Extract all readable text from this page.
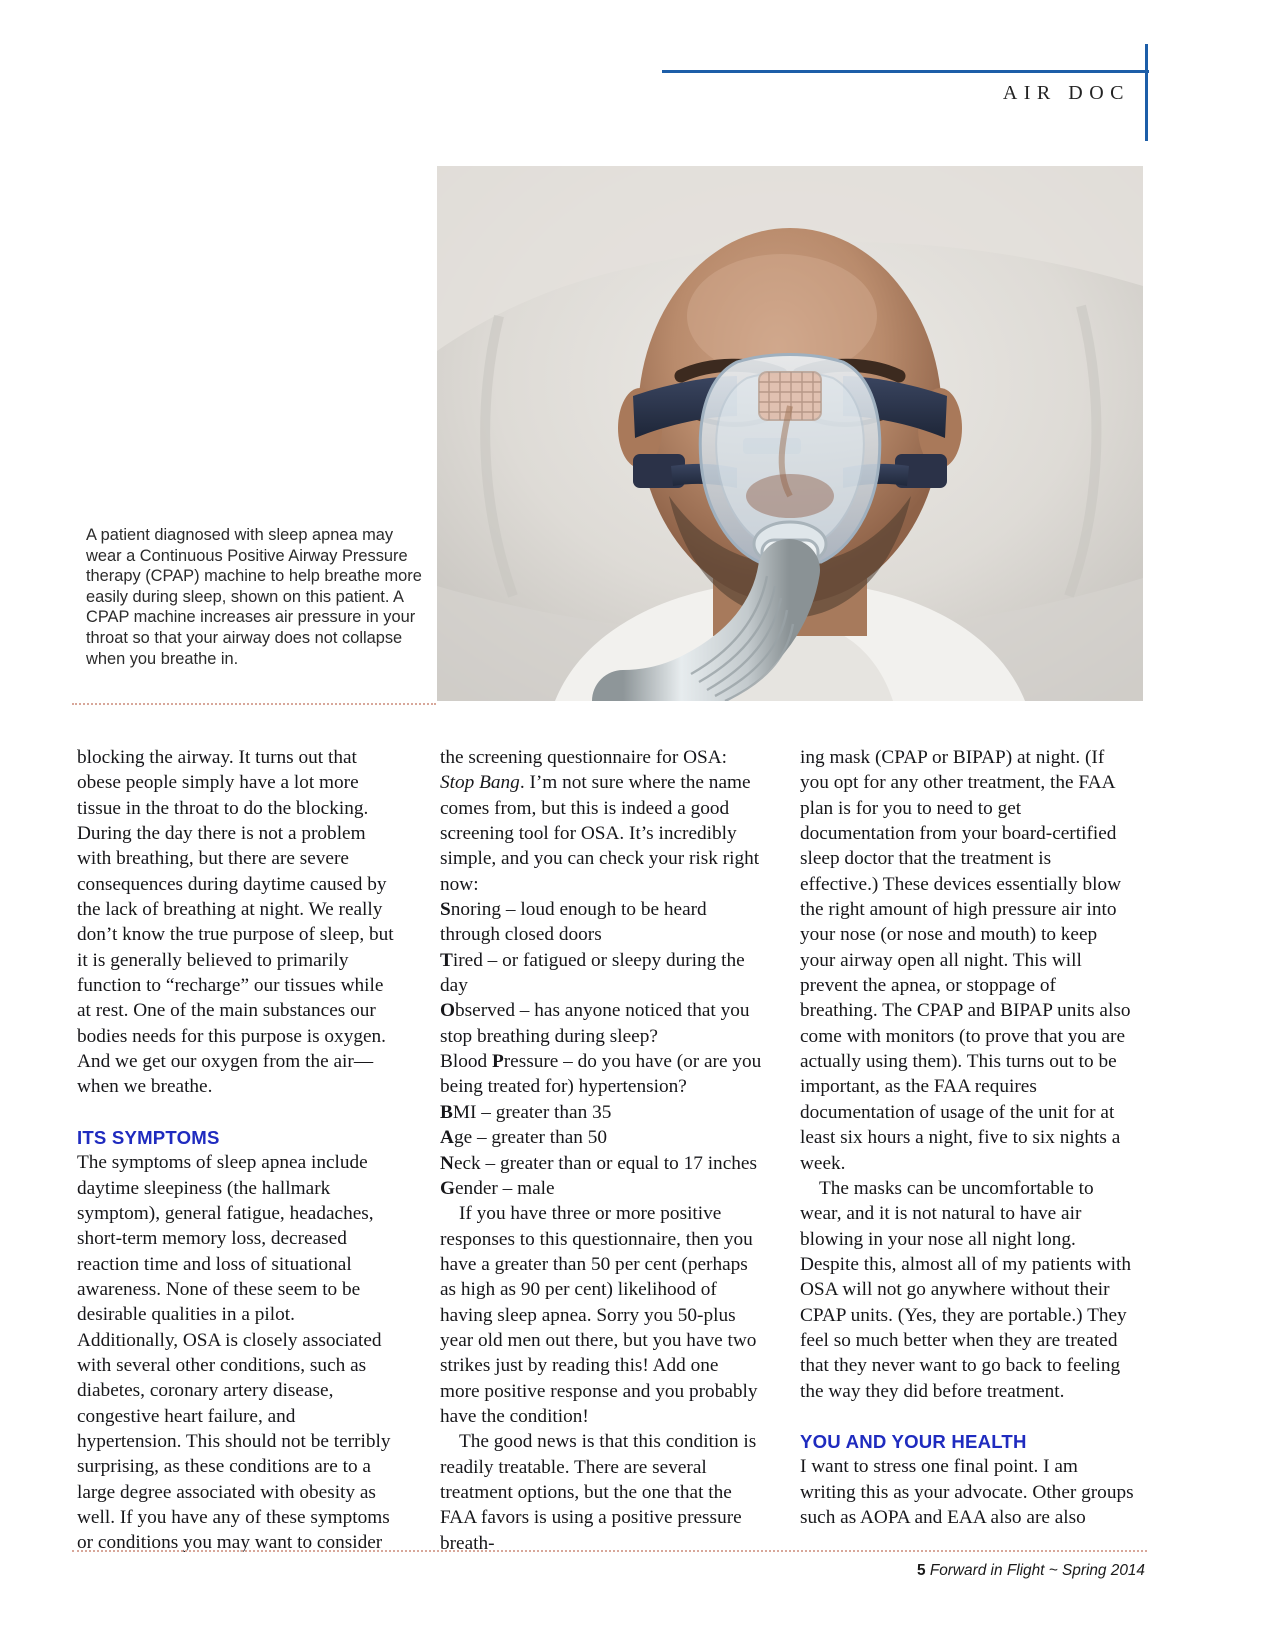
AIR DOC
A patient diagnosed with sleep apnea may wear a Continuous Positive Airway Pressure therapy (CPAP) machine to help breathe more easily during sleep, shown on this patient. A CPAP machine increases air pressure in your throat so that your airway does not collapse when you breathe in.

blocking the airway. It turns out that obese people simply have a lot more tissue in the throat to do the blocking. During the day there is not a problem with breathing, but there are severe consequences during daytime caused by the lack of breathing at night. We really don’t know the true purpose of sleep, but it is generally believed to primarily function to “recharge” our tissues while at rest. One of the main substances our bodies needs for this purpose is oxygen. And we get our oxygen from the air—when we breathe.

ITS SYMPTOMS

The symptoms of sleep apnea include daytime sleepiness (the hallmark symptom), general fatigue, headaches, short-term memory loss, decreased reaction time and loss of situational awareness. None of these seem to be desirable qualities in a pilot. Additionally, OSA is closely associated with several other conditions, such as diabetes, coronary artery disease, congestive heart failure, and hypertension. This should not be terribly surprising, as these conditions are to a large degree associated with obesity as well. If you have any of these symptoms or conditions you may want to consider

the screening questionnaire for OSA: Stop Bang. I’m not sure where the name comes from, but this is indeed a good screening tool for OSA. It’s incredibly simple, and you can check your risk right now:

Snoring – loud enough to be heard through closed doors

Tired – or fatigued or sleepy during the day

Observed – has anyone noticed that you stop breathing during sleep?

Blood Pressure – do you have (or are you being treated for) hypertension?

BMI – greater than 35

Age – greater than 50

Neck – greater than or equal to 17 inches

Gender – male

If you have three or more positive responses to this questionnaire, then you have a greater than 50 per cent (perhaps as high as 90 per cent) likelihood of having sleep apnea. Sorry you 50-plus year old men out there, but you have two strikes just by reading this! Add one more positive response and you probably have the condition!

The good news is that this condition is readily treatable. There are several treatment options, but the one that the FAA favors is using a positive pressure breath-

ing mask (CPAP or BIPAP) at night. (If you opt for any other treatment, the FAA plan is for you to need to get documentation from your board-certified sleep doctor that the treatment is effective.) These devices essentially blow the right amount of high pressure air into your nose (or nose and mouth) to keep your airway open all night. This will prevent the apnea, or stoppage of breathing. The CPAP and BIPAP units also come with monitors (to prove that you are actually using them). This turns out to be important, as the FAA requires documentation of usage of the unit for at least six hours a night, five to six nights a week.

The masks can be uncomfortable to wear, and it is not natural to have air blowing in your nose all night long. Despite this, almost all of my patients with OSA will not go anywhere without their CPAP units. (Yes, they are portable.) They feel so much better when they are treated that they never want to go back to feeling the way they did before treatment.

YOU AND YOUR HEALTH

I want to stress one final point. I am writing this as your advocate. Other groups such as AOPA and EAA also are also

5 Forward in Flight ~ Spring 2014
